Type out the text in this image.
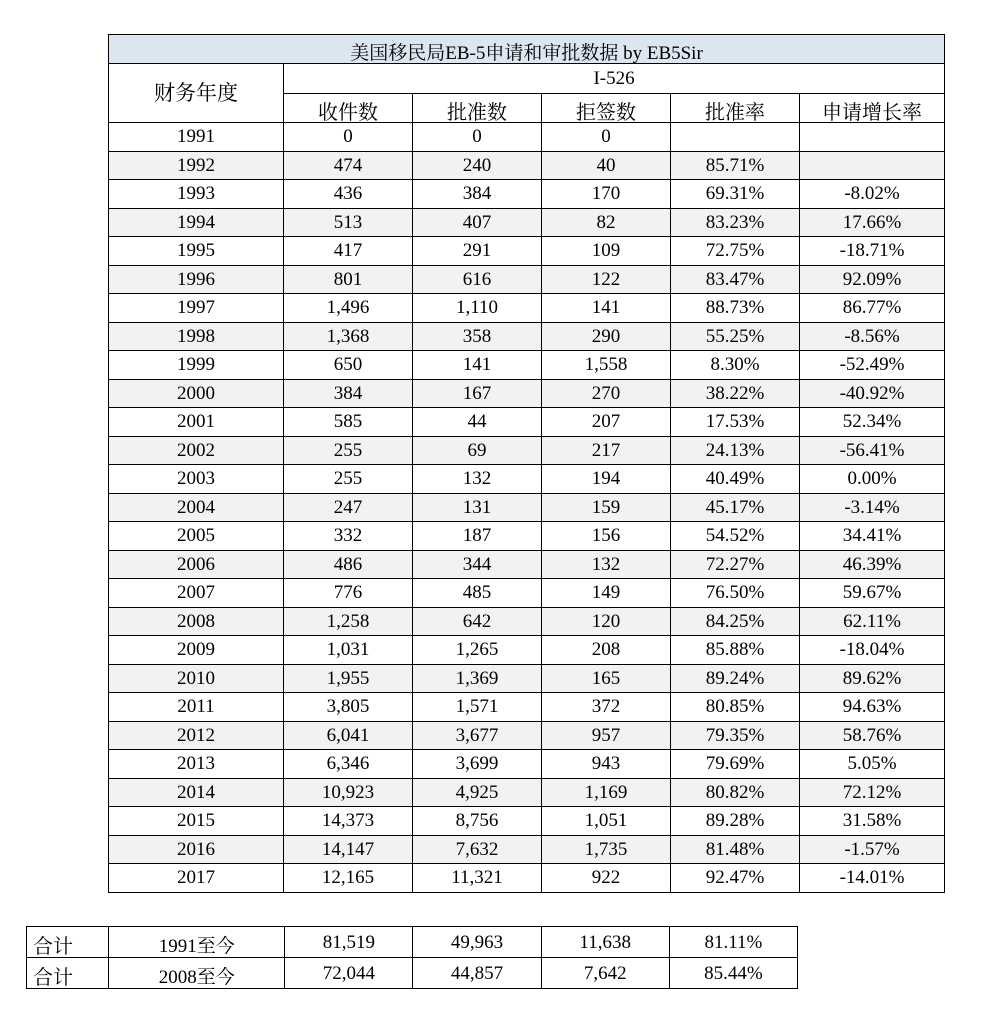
美国移民局EB-5申请和审批数据 by EB5Sir					
财务年度	I-526				
	收件数	批准数	拒签数	批准率	申请增长率
1991	0	0	0		
1992	474	240	40	85.71%	
1993	436	384	170	69.31%	-8.02%
1994	513	407	82	83.23%	17.66%
1995	417	291	109	72.75%	-18.71%
1996	801	616	122	83.47%	92.09%
1997	1,496	1,110	141	88.73%	86.77%
1998	1,368	358	290	55.25%	-8.56%
1999	650	141	1,558	8.30%	-52.49%
2000	384	167	270	38.22%	-40.92%
2001	585	44	207	17.53%	52.34%
2002	255	69	217	24.13%	-56.41%
2003	255	132	194	40.49%	0.00%
2004	247	131	159	45.17%	-3.14%
2005	332	187	156	54.52%	34.41%
2006	486	344	132	72.27%	46.39%
2007	776	485	149	76.50%	59.67%
2008	1,258	642	120	84.25%	62.11%
2009	1,031	1,265	208	85.88%	-18.04%
2010	1,955	1,369	165	89.24%	89.62%
2011	3,805	1,571	372	80.85%	94.63%
2012	6,041	3,677	957	79.35%	58.76%
2013	6,346	3,699	943	79.69%	5.05%
2014	10,923	4,925	1,169	80.82%	72.12%
2015	14,373	8,756	1,051	89.28%	31.58%
2016	14,147	7,632	1,735	81.48%	-1.57%
2017	12,165	11,321	922	92.47%	-14.01%
合计	1991至今	81,519	49,963	11,638	81.11%
合计	2008至今	72,044	44,857	7,642	85.44%
